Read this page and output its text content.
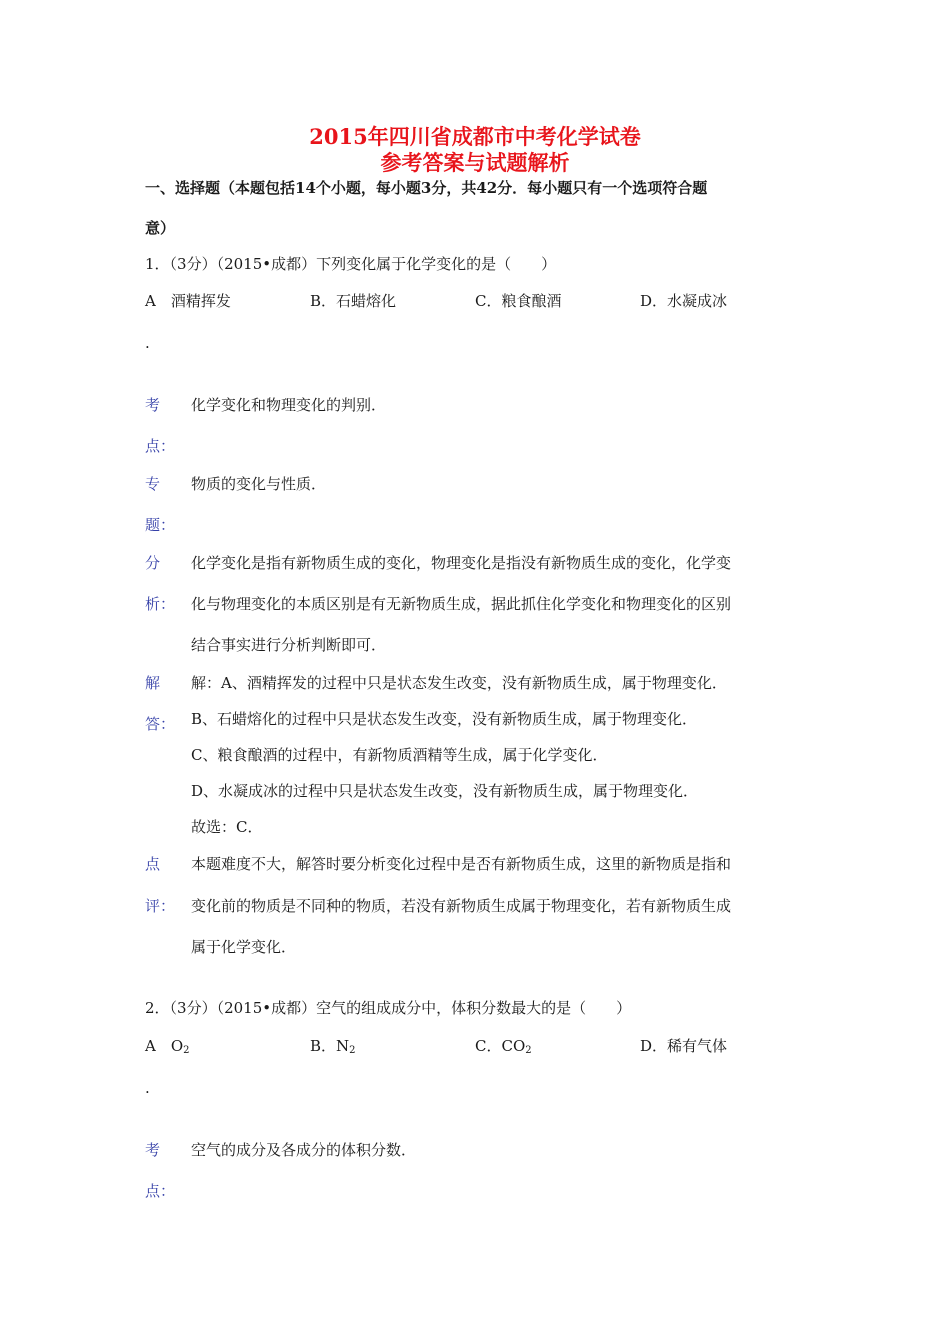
2015年四川省成都市中考化学试卷
参考答案与试题解析
一、选择题（本题包括14个小题，每小题3分，共42分．每小题只有一个选项符合题
意）
1．（3分）（2015•成都）下列变化属于化学变化的是（　　）
A　酒精挥发	B．石蜡熔化	C．粮食酿酒	D．水凝成冰
.
考
点：
化学变化和物理变化的判别．
专
题：
物质的变化与性质．
分
析：
化学变化是指有新物质生成的变化，物理变化是指没有新物质生成的变化，化学变
化与物理变化的本质区别是有无新物质生成，据此抓住化学变化和物理变化的区别
结合事实进行分析判断即可．
解
答：
解：A、酒精挥发的过程中只是状态发生改变，没有新物质生成，属于物理变化．
B、石蜡熔化的过程中只是状态发生改变，没有新物质生成，属于物理变化．
C、粮食酿酒的过程中，有新物质酒精等生成，属于化学变化．
D、水凝成冰的过程中只是状态发生改变，没有新物质生成，属于物理变化．
故选：C．
点
评：
本题难度不大，解答时要分析变化过程中是否有新物质生成，这里的新物质是指和
变化前的物质是不同种的物质，若没有新物质生成属于物理变化，若有新物质生成
属于化学变化．
2．（3分）（2015•成都）空气的组成成分中，体积分数最大的是（　　）
A　$O_2$	B．$N_2$	C．$CO_2$	D．稀有气体
.
考
点：
空气的成分及各成分的体积分数．
